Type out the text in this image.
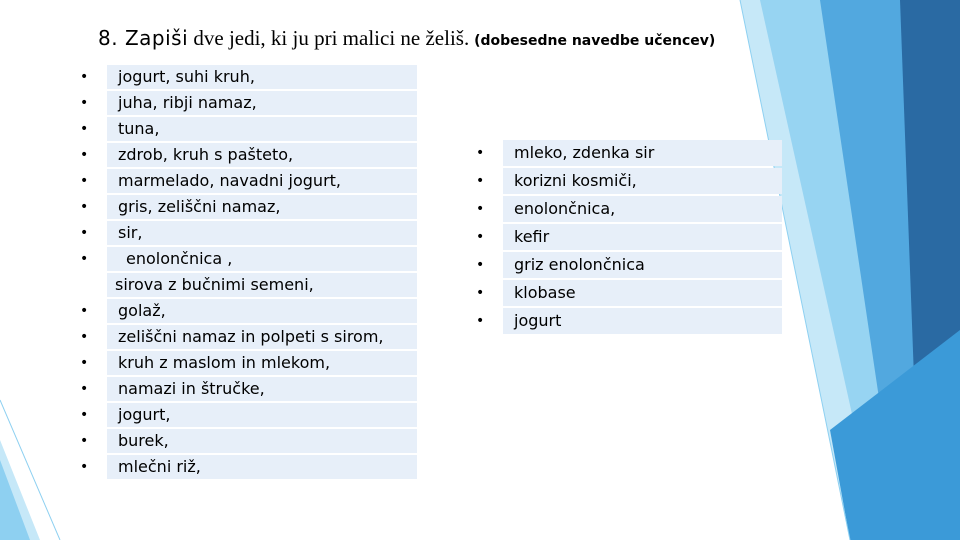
8. Zapiši dve jedi, ki ju pri malici ne želiš. (dobesedne navedbe učencev)
• jogurt, suhi kruh,
• juha, ribji namaz,
• tuna,
• zdrob, kruh s pašteto,
• marmelado, navadni jogurt,
• gris, zeliščni namaz,
• sir,
• enolončnica ,
sirova z bučnimi semeni,
• golaž,
• zeliščni namaz in polpeti s sirom,
• kruh z maslom in mlekom,
• namazi in štručke,
• jogurt,
• burek,
• mlečni riž,
• mleko, zdenka sir
• korizni kosmiči,
• enolončnica,
• kefir
• griz enolončnica
• klobase
• jogurt
